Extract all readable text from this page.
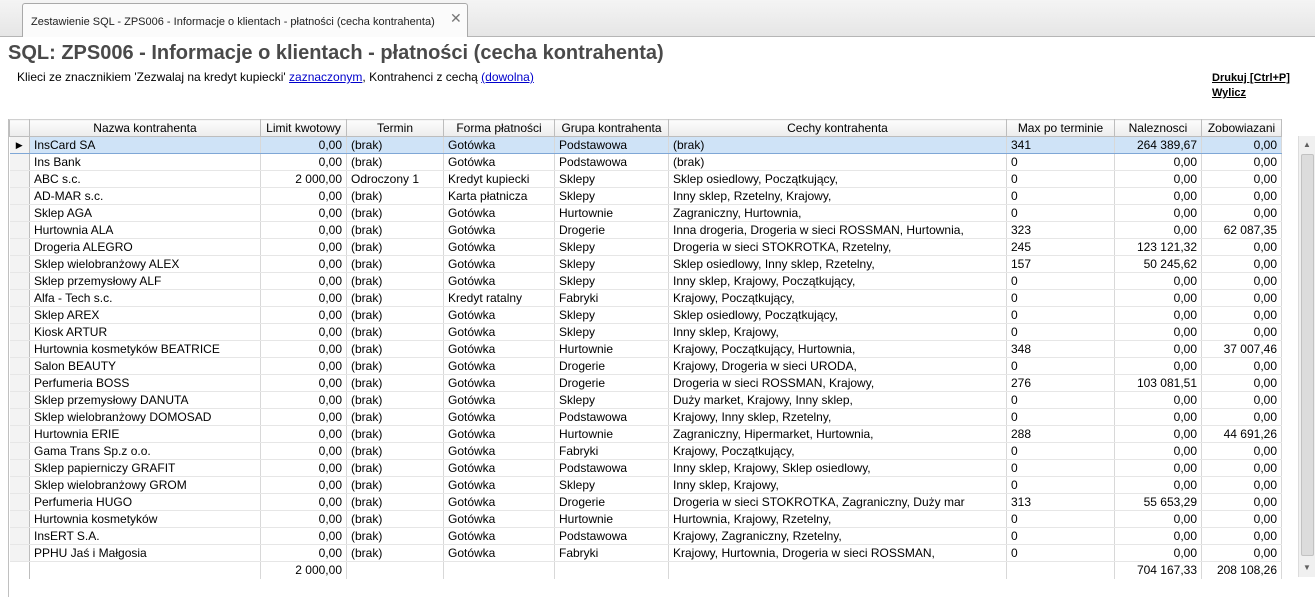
Zestawienie SQL - ZPS006 - Informacje o klientach - płatności (cecha kontrahenta) ✕
SQL: ZPS006 - Informacje o klientach - płatności (cecha kontrahenta)
Klieci ze znacznikiem 'Zezwalaj na kredyt kupiecki' zaznaczonym, Kontrahenci z cechą (dowolna)	Drukuj [Ctrl+P]
Wylicz
	Nazwa kontrahenta	Limit kwotowy	Termin	Forma płatności	Grupa kontrahenta	Cechy kontrahenta	Max po terminie	Naleznosci	Zobowiazani
▶	InsCard SA	0,00	(brak)	Gotówka	Podstawowa	(brak)	341	264 389,67	0,00
	Ins Bank	0,00	(brak)	Gotówka	Podstawowa	(brak)	0	0,00	0,00
	ABC s.c.	2 000,00	Odroczony 1	Kredyt kupiecki	Sklepy	Sklep osiedlowy, Początkujący,	0	0,00	0,00
	AD-MAR s.c.	0,00	(brak)	Karta płatnicza	Sklepy	Inny sklep, Rzetelny, Krajowy,	0	0,00	0,00
	Sklep AGA	0,00	(brak)	Gotówka	Hurtownie	Zagraniczny, Hurtownia,	0	0,00	0,00
	Hurtownia ALA	0,00	(brak)	Gotówka	Drogerie	Inna drogeria, Drogeria w sieci ROSSMAN, Hurtownia,	323	0,00	62 087,35
	Drogeria ALEGRO	0,00	(brak)	Gotówka	Sklepy	Drogeria w sieci STOKROTKA, Rzetelny,	245	123 121,32	0,00
	Sklep wielobranżowy ALEX	0,00	(brak)	Gotówka	Sklepy	Sklep osiedlowy, Inny sklep, Rzetelny,	157	50 245,62	0,00
	Sklep przemysłowy ALF	0,00	(brak)	Gotówka	Sklepy	Inny sklep, Krajowy, Początkujący,	0	0,00	0,00
	Alfa - Tech s.c.	0,00	(brak)	Kredyt ratalny	Fabryki	Krajowy, Początkujący,	0	0,00	0,00
	Sklep AREX	0,00	(brak)	Gotówka	Sklepy	Sklep osiedlowy, Początkujący,	0	0,00	0,00
	Kiosk ARTUR	0,00	(brak)	Gotówka	Sklepy	Inny sklep, Krajowy,	0	0,00	0,00
	Hurtownia kosmetyków BEATRICE	0,00	(brak)	Gotówka	Hurtownie	Krajowy, Początkujący, Hurtownia,	348	0,00	37 007,46
	Salon BEAUTY	0,00	(brak)	Gotówka	Drogerie	Krajowy, Drogeria w sieci URODA,	0	0,00	0,00
	Perfumeria BOSS	0,00	(brak)	Gotówka	Drogerie	Drogeria w sieci ROSSMAN, Krajowy,	276	103 081,51	0,00
	Sklep przemysłowy DANUTA	0,00	(brak)	Gotówka	Sklepy	Duży market, Krajowy, Inny sklep,	0	0,00	0,00
	Sklep wielobranżowy DOMOSAD	0,00	(brak)	Gotówka	Podstawowa	Krajowy, Inny sklep, Rzetelny,	0	0,00	0,00
	Hurtownia ERIE	0,00	(brak)	Gotówka	Hurtownie	Zagraniczny, Hipermarket, Hurtownia,	288	0,00	44 691,26
	Gama Trans Sp.z o.o.	0,00	(brak)	Gotówka	Fabryki	Krajowy, Początkujący,	0	0,00	0,00
	Sklep papierniczy GRAFIT	0,00	(brak)	Gotówka	Podstawowa	Inny sklep, Krajowy, Sklep osiedlowy,	0	0,00	0,00
	Sklep wielobranżowy GROM	0,00	(brak)	Gotówka	Sklepy	Inny sklep, Krajowy,	0	0,00	0,00
	Perfumeria HUGO	0,00	(brak)	Gotówka	Drogerie	Drogeria w sieci STOKROTKA, Zagraniczny, Duży mar	313	55 653,29	0,00
	Hurtownia kosmetyków	0,00	(brak)	Gotówka	Hurtownie	Hurtownia, Krajowy, Rzetelny,	0	0,00	0,00
	InsERT S.A.	0,00	(brak)	Gotówka	Podstawowa	Krajowy, Zagraniczny, Rzetelny,	0	0,00	0,00
	PPHU Jaś i Małgosia	0,00	(brak)	Gotówka	Fabryki	Krajowy, Hurtownia, Drogeria w sieci ROSSMAN,	0	0,00	0,00
		2 000,00						704 167,33	208 108,26
▲
▼
